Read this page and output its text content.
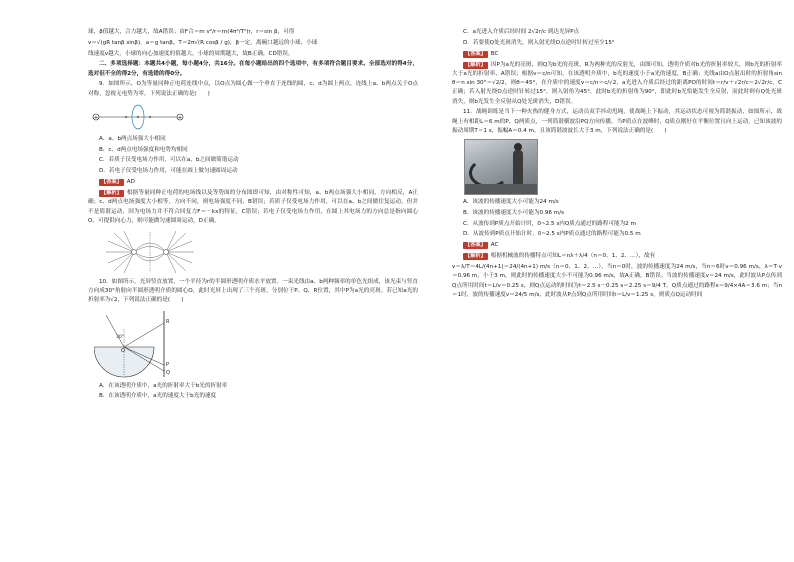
球，β值越大，合力越大，故A错误；由F合＝m v²/r＝m(4π²/T²)r，r＝sin β，可得

v＝√(gR tanβ sinβ)，a＝g tanβ，T＝2π√(R cosβ / g)，β一定，离碗口越远的小球，小球

线速度v越大，小球的向心加速度的值越大，小球的周期越大，故B正确，CD错误。

二、多项选择题：本题共4小题，每小题4分，共16分。在每小题给出的四个选项中，有多项符合题目要求。全部选对的得4分，选对但不全的得2分，有选错的得0分。

9．如图所示，O为等量同种正电荷连线中点，以O点为圆心做一个垂直于连线的圆，c、d为圆上两点，连线上a、b两点关于O点对称，忽视无电势为零，下列说法正确的是(　　)

+	+

A．a、b两点场强大小相同

B．c、d两点电场强度和电势均相同

C．若质子仅受电场力作用，可以在a、b之间做简谐运动

D．若电子仅受电场力作用，可能在圆上做匀速圆周运动

【答案】 AD

【解析】 根据等量同种正电荷的电场线以及等势面的分布图即可知，由对称性可知，a、b两点场强大小相同，方向相反，A正确；c、d两点电场强度大小相等，方向不同，则电场强度不同，B错误；若质子仅受电场力作用，可以在a、b之间做往复运动，但并不是简谐运动，因为电场力并不符合回复力F＝－kx的特征，C错误；若电子仅受电场力作用，在圆上其电场力的方向总是指向圆心O，可提供向心力，则可能做匀速圆周运动，D正确。

10．如图所示，光屏竖直放置，一个半径为r的半圆形透明介质水平放置。一束光线由a、b两种频率的单色光组成，该光束与竖直方向成30°角射向半圆形透明介质的圆心O，此时光屏上出现了三个亮斑，分别位于P、Q、R位置，其中P为a光的亮斑。若已知a光的折射率为√2，下列说法正确的是(　　)

R
O
P
Q
30°

A．在该透明介质中，a光的折射率大于b光的折射率

B．在该透明介质中，a光的速度大于b光的速度

C．a光进入介质后经时间 2√2r/c 到达光屏P点

D．若要使Q处光斑消失，则入射光绕O点逆时针转过至少15°

【答案】 BC

【解析】 因P为a光的亮斑，则Q为b光的亮斑，R为两种光的反射光，由图可知，透明介质对b光的折射率较大，则b光的折射率大于a光的折射率，A错误；根据v＝c/n可知，在该透明介质中，b光的速度小于a光的速度，B正确；光线a由O点射出时的折射角sin θ＝n sin 30°＝√2/2，则θ＝45°，在介质中的速度v＝c/n＝c/√2，a光进入介质后经过的距离PO的时间t＝r/v＋√2r/c＝2√2r/c，C正确；若入射光绕O点逆时针转过15°，则入射角为45°，此时b光的折射角为90°，即此时b光恰能发生全反射，而此时则有Q处光斑消失，则b光发生全反射从Q处光斑消失，D错误。

11．战绳训练是当下一种火热的健身方式，运动员双手抖动甩绳，使战绳上下振动，其运动状态可视为简谐振动，如图所示，战绳上有相距L＝6 m的P、Q两质点，一列简谐横波沿PQ方向传播，当P质点在波峰时，Q质点刚好在平衡位置且向上运动，已知该波的振动周期T＝1 s，振幅A＝0.4 m，且该简谐波波长大于3 m，下列说法正确的是(　　)

A．该波的传播速度大小可能为24 m/s

B．该波的传播速度大小可能为0.96 m/s

C．从波传到P质点开始计时，0~2.5 s内Q质点通过的路程可能为2 m

D．从波传到P质点开始计时，0~2.5 s内P质点通过的路程可能为0.5 m

【答案】 AC

【解析】 根据机械波的传播特点可知L＝nλ＋λ/4（n＝0、1、2、…），故有

v＝λ/T＝4L/(4n+1)＝24/(4n+1) m/s（n＝0、1、2、…），当n＝0时，波的传播速度为24 m/s，当n＝6时v＝0.96 m/s，λ＝T·v＝0.96 m，小于3 m，则此时的传播速度大小不可能为0.96 m/s，故A正确，B错误；当波的传播速度v＝24 m/s，此时波从P点传到Q点所用时间t＝L/v＝0.25 s，则Q点运动的时间为t＝2.5 s－0.25 s＝2.25 s＝9/4 T，Q质点通过的路程s＝9/4×4A＝3.6 m；当n＝1时，波的传播速度v＝24/5 m/s，此时波从P点到Q点所用时间t＝L/v＝1.25 s，则质点Q运动时间
